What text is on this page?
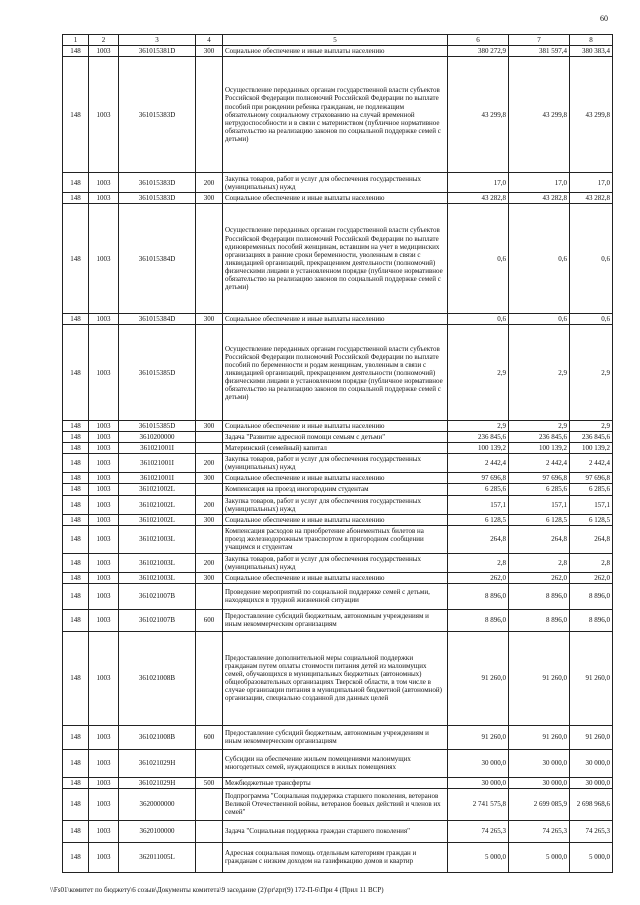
60
1	2	3	4	5	6	7	8
148	1003	361015381D	300	Социальное обеспечение и иные выплаты населению	380 272,9	381 597,4	380 383,4
148	1003	361015383D		Осуществление переданных органам государственной власти субъектов Российской Федерации полномочий Российской Федерации по выплате пособий при рождении ребенка гражданам, не подлежащим обязательному социальному страхованию на случай временной нетрудоспособности и в связи с материнством (публичное нормативное обязательство на реализацию законов по социальной поддержке семей с детьми)	43 299,8	43 299,8	43 299,8
148	1003	361015383D	200	Закупка товаров, работ и услуг для обеспечения государственных (муниципальных) нужд	17,0	17,0	17,0
148	1003	361015383D	300	Социальное обеспечение и иные выплаты населению	43 282,8	43 282,8	43 282,8
148	1003	361015384D		Осуществление переданных органам государственной власти субъектов Российской Федерации полномочий Российской Федерации по выплате единовременных пособий женщинам, вставшим на учет в медицинских организациях в ранние сроки беременности, уволенным в связи с ликвидацией организаций, прекращением деятельности (полномочий) физическими лицами в установленном порядке (публичное нормативное обязательство на реализацию законов по социальной поддержке семей с детьми)	0,6	0,6	0,6
148	1003	361015384D	300	Социальное обеспечение и иные выплаты населению	0,6	0,6	0,6
148	1003	361015385D		Осуществление переданных органам государственной власти субъектов Российской Федерации полномочий Российской Федерации по выплате пособий по беременности и родам женщинам, уволенным в связи с ликвидацией организаций, прекращением деятельности (полномочий) физическими лицами в установленном порядке (публичное нормативное обязательство на реализацию законов по социальной поддержке семей с детьми)	2,9	2,9	2,9
148	1003	361015385D	300	Социальное обеспечение и иные выплаты населению	2,9	2,9	2,9
148	1003	3610200000		Задача "Развитие адресной помощи семьям с детьми"	236 845,6	236 845,6	236 845,6
148	1003	361021001I		Материнский (семейный) капитал	100 139,2	100 139,2	100 139,2
148	1003	361021001I	200	Закупка товаров, работ и услуг для обеспечения государственных (муниципальных) нужд	2 442,4	2 442,4	2 442,4
148	1003	361021001I	300	Социальное обеспечение и иные выплаты населению	97 696,8	97 696,8	97 696,8
148	1003	361021002L		Компенсация на проезд иногородним студентам	6 285,6	6 285,6	6 285,6
148	1003	361021002L	200	Закупка товаров, работ и услуг для обеспечения государственных (муниципальных) нужд	157,1	157,1	157,1
148	1003	361021002L	300	Социальное обеспечение и иные выплаты населению	6 128,5	6 128,5	6 128,5
148	1003	361021003L		Компенсация расходов на приобретение абонементных билетов на проезд железнодорожным транспортом в пригородном сообщении учащимся и студентам	264,8	264,8	264,8
148	1003	361021003L	200	Закупка товаров, работ и услуг для обеспечения государственных (муниципальных) нужд	2,8	2,8	2,8
148	1003	361021003L	300	Социальное обеспечение и иные выплаты населению	262,0	262,0	262,0
148	1003	361021007B		Проведение мероприятий по социальной поддержке семей с детьми, находящихся в трудной жизненной ситуации	8 896,0	8 896,0	8 896,0
148	1003	361021007B	600	Предоставление субсидий бюджетным, автономным учреждениям и иным некоммерческим организациям	8 896,0	8 896,0	8 896,0
148	1003	361021008B		Предоставление дополнительной меры социальной поддержки гражданам путем оплаты стоимости питания детей из малоимущих семей, обучающихся в муниципальных бюджетных (автономных) общеобразовательных организациях Тверской области, в том числе в случае организации питания в муниципальной бюджетной (автономной) организации, специально созданной для данных целей	91 260,0	91 260,0	91 260,0
148	1003	361021008B	600	Предоставление субсидий бюджетным, автономным учреждениям и иным некоммерческим организациям	91 260,0	91 260,0	91 260,0
148	1003	361021029H		Субсидии на обеспечение жильем помещениями малоимущих многодетных семей, нуждающихся в жилых помещениях	30 000,0	30 000,0	30 000,0
148	1003	361021029H	500	Межбюджетные трансферты	30 000,0	30 000,0	30 000,0
148	1003	3620000000		Подпрограмма "Социальная поддержка старшего поколения, ветеранов Великой Отечественной войны, ветеранов боевых действий и членов их семей"	2 741 575,8	2 699 085,9	2 698 968,6
148	1003	3620100000		Задача "Социальная поддержка граждан старшего поколения"	74 265,3	74 265,3	74 265,3
148	1003	362011005L		Адресная социальная помощь отдельным категориям граждан и гражданам с низким доходом на газификацию домов и квартир	5 000,0	5 000,0	5 000,0
\\Fs01\комитет по бюджету\6 созыв\Документы комитета\9 заседание (2)\pr\zpr(9) 172-П-6\При 4 (Прил 11 ВСР)
